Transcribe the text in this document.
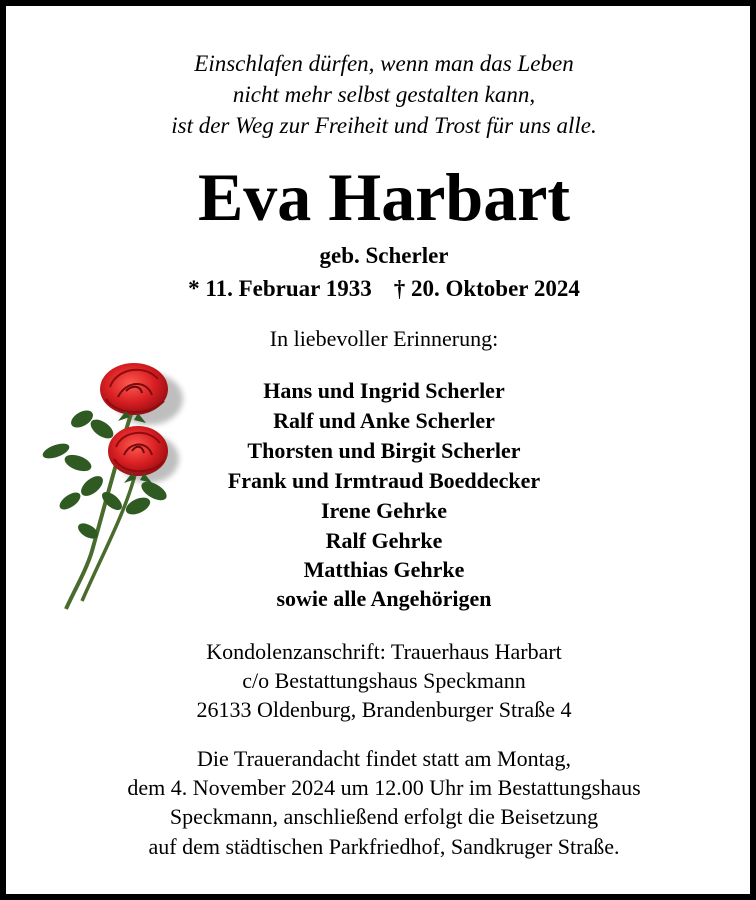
Einschlafen dürfen, wenn man das Leben
nicht mehr selbst gestalten kann,
ist der Weg zur Freiheit und Trost für uns alle.
Eva Harbart
geb. Scherler
* 11. Februar 1933 † 20. Oktober 2024
In liebevoller Erinnerung:
Hans und Ingrid Scherler
Ralf und Anke Scherler
Thorsten und Birgit Scherler
Frank und Irmtraud Boeddecker
Irene Gehrke
Ralf Gehrke
Matthias Gehrke
sowie alle Angehörigen
Kondolenzanschrift: Trauerhaus Harbart
c/o Bestattungshaus Speckmann
26133 Oldenburg, Brandenburger Straße 4
Die Trauerandacht findet statt am Montag,
dem 4. November 2024 um 12.00 Uhr im Bestattungshaus
Speckmann, anschließend erfolgt die Beisetzung
auf dem städtischen Parkfriedhof, Sandkruger Straße.
